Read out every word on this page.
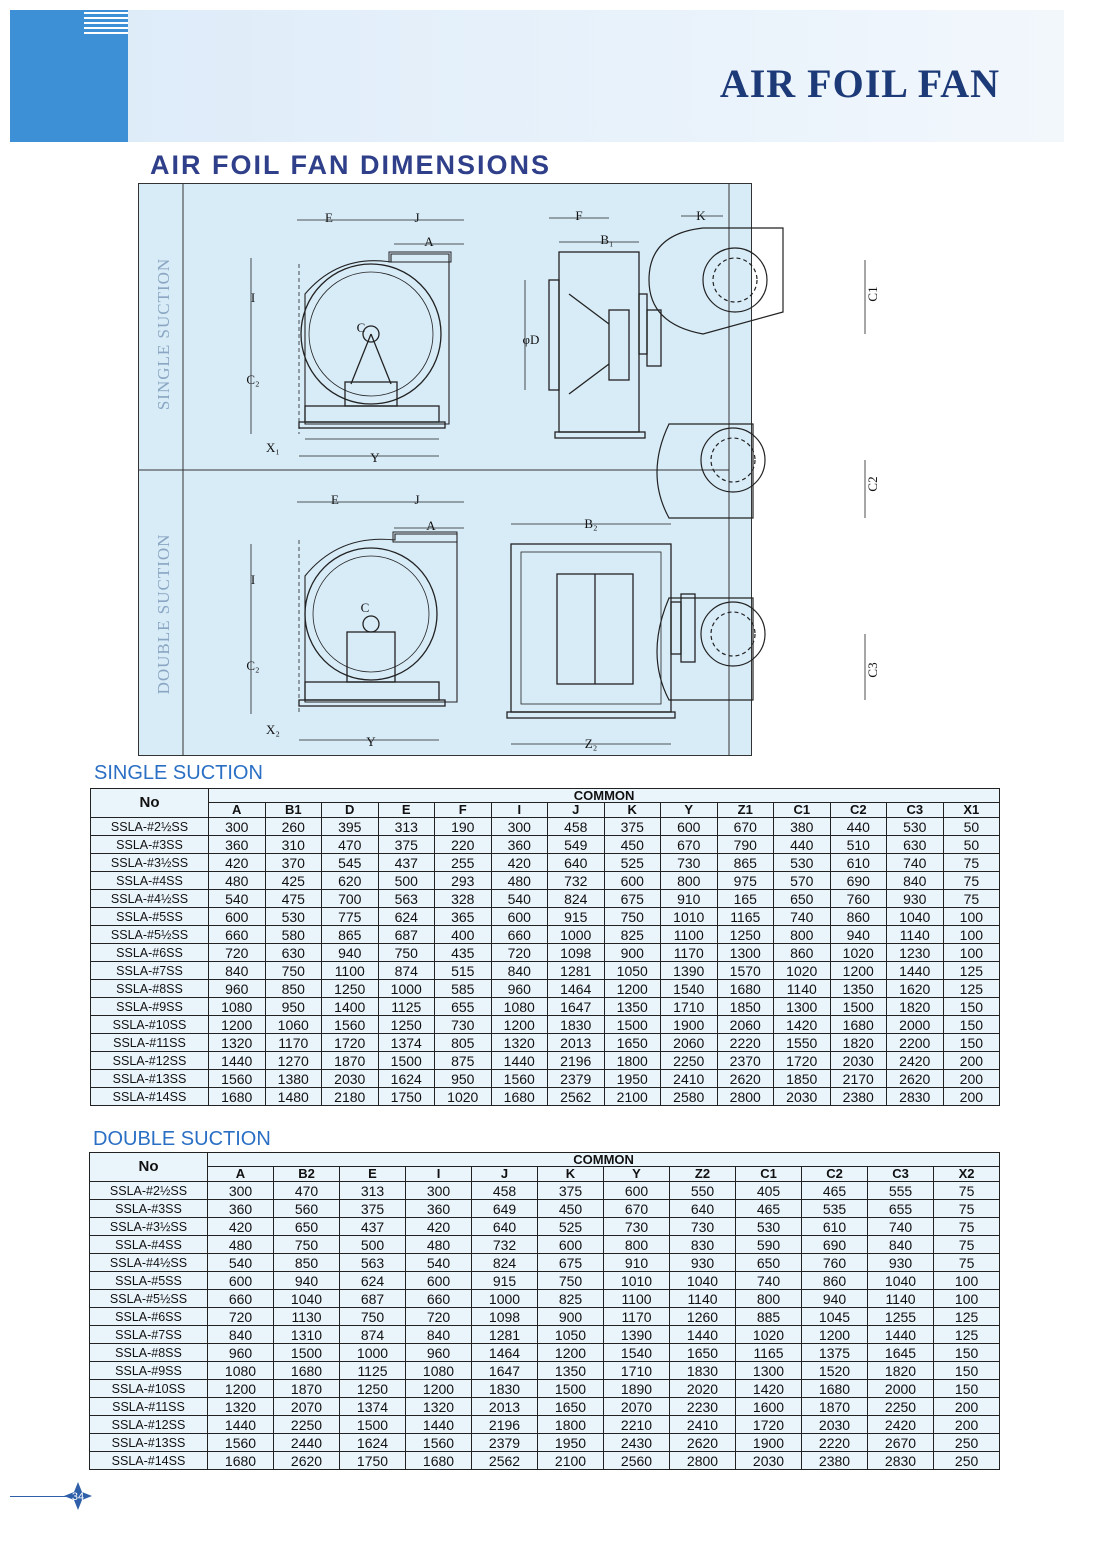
AIR FOIL FAN
AIR FOIL FAN DIMENSIONS
SINGLE SUCTION
DOUBLE SUCTION
E	J
A
I
C₂
X₁
Y
C
F
B₁
φD
E	J
A
I
C₂
X₂
Y
C
B₂
Z₂
K
C1
C2
C3
SINGLE SUCTION
No	COMMON													
	A	B1	D	E	F	I	J	K	Y	Z1	C1	C2	C3	X1
SSLA-#2½SS	300	260	395	313	190	300	458	375	600	670	380	440	530	50
SSLA-#3SS	360	310	470	375	220	360	549	450	670	790	440	510	630	50
SSLA-#3½SS	420	370	545	437	255	420	640	525	730	865	530	610	740	75
SSLA-#4SS	480	425	620	500	293	480	732	600	800	975	570	690	840	75
SSLA-#4½SS	540	475	700	563	328	540	824	675	910	165	650	760	930	75
SSLA-#5SS	600	530	775	624	365	600	915	750	1010	1165	740	860	1040	100
SSLA-#5½SS	660	580	865	687	400	660	1000	825	1100	1250	800	940	1140	100
SSLA-#6SS	720	630	940	750	435	720	1098	900	1170	1300	860	1020	1230	100
SSLA-#7SS	840	750	1100	874	515	840	1281	1050	1390	1570	1020	1200	1440	125
SSLA-#8SS	960	850	1250	1000	585	960	1464	1200	1540	1680	1140	1350	1620	125
SSLA-#9SS	1080	950	1400	1125	655	1080	1647	1350	1710	1850	1300	1500	1820	150
SSLA-#10SS	1200	1060	1560	1250	730	1200	1830	1500	1900	2060	1420	1680	2000	150
SSLA-#11SS	1320	1170	1720	1374	805	1320	2013	1650	2060	2220	1550	1820	2200	150
SSLA-#12SS	1440	1270	1870	1500	875	1440	2196	1800	2250	2370	1720	2030	2420	200
SSLA-#13SS	1560	1380	2030	1624	950	1560	2379	1950	2410	2620	1850	2170	2620	200
SSLA-#14SS	1680	1480	2180	1750	1020	1680	2562	2100	2580	2800	2030	2380	2830	200
DOUBLE SUCTION
No	COMMON											
	A	B2	E	I	J	K	Y	Z2	C1	C2	C3	X2
SSLA-#2½SS	300	470	313	300	458	375	600	550	405	465	555	75
SSLA-#3SS	360	560	375	360	649	450	670	640	465	535	655	75
SSLA-#3½SS	420	650	437	420	640	525	730	730	530	610	740	75
SSLA-#4SS	480	750	500	480	732	600	800	830	590	690	840	75
SSLA-#4½SS	540	850	563	540	824	675	910	930	650	760	930	75
SSLA-#5SS	600	940	624	600	915	750	1010	1040	740	860	1040	100
SSLA-#5½SS	660	1040	687	660	1000	825	1100	1140	800	940	1140	100
SSLA-#6SS	720	1130	750	720	1098	900	1170	1260	885	1045	1255	125
SSLA-#7SS	840	1310	874	840	1281	1050	1390	1440	1020	1200	1440	125
SSLA-#8SS	960	1500	1000	960	1464	1200	1540	1650	1165	1375	1645	150
SSLA-#9SS	1080	1680	1125	1080	1647	1350	1710	1830	1300	1520	1820	150
SSLA-#10SS	1200	1870	1250	1200	1830	1500	1890	2020	1420	1680	2000	150
SSLA-#11SS	1320	2070	1374	1320	2013	1650	2070	2230	1600	1870	2250	200
SSLA-#12SS	1440	2250	1500	1440	2196	1800	2210	2410	1720	2030	2420	200
SSLA-#13SS	1560	2440	1624	1560	2379	1950	2430	2620	1900	2220	2670	250
SSLA-#14SS	1680	2620	1750	1680	2562	2100	2560	2800	2030	2380	2830	250
34
